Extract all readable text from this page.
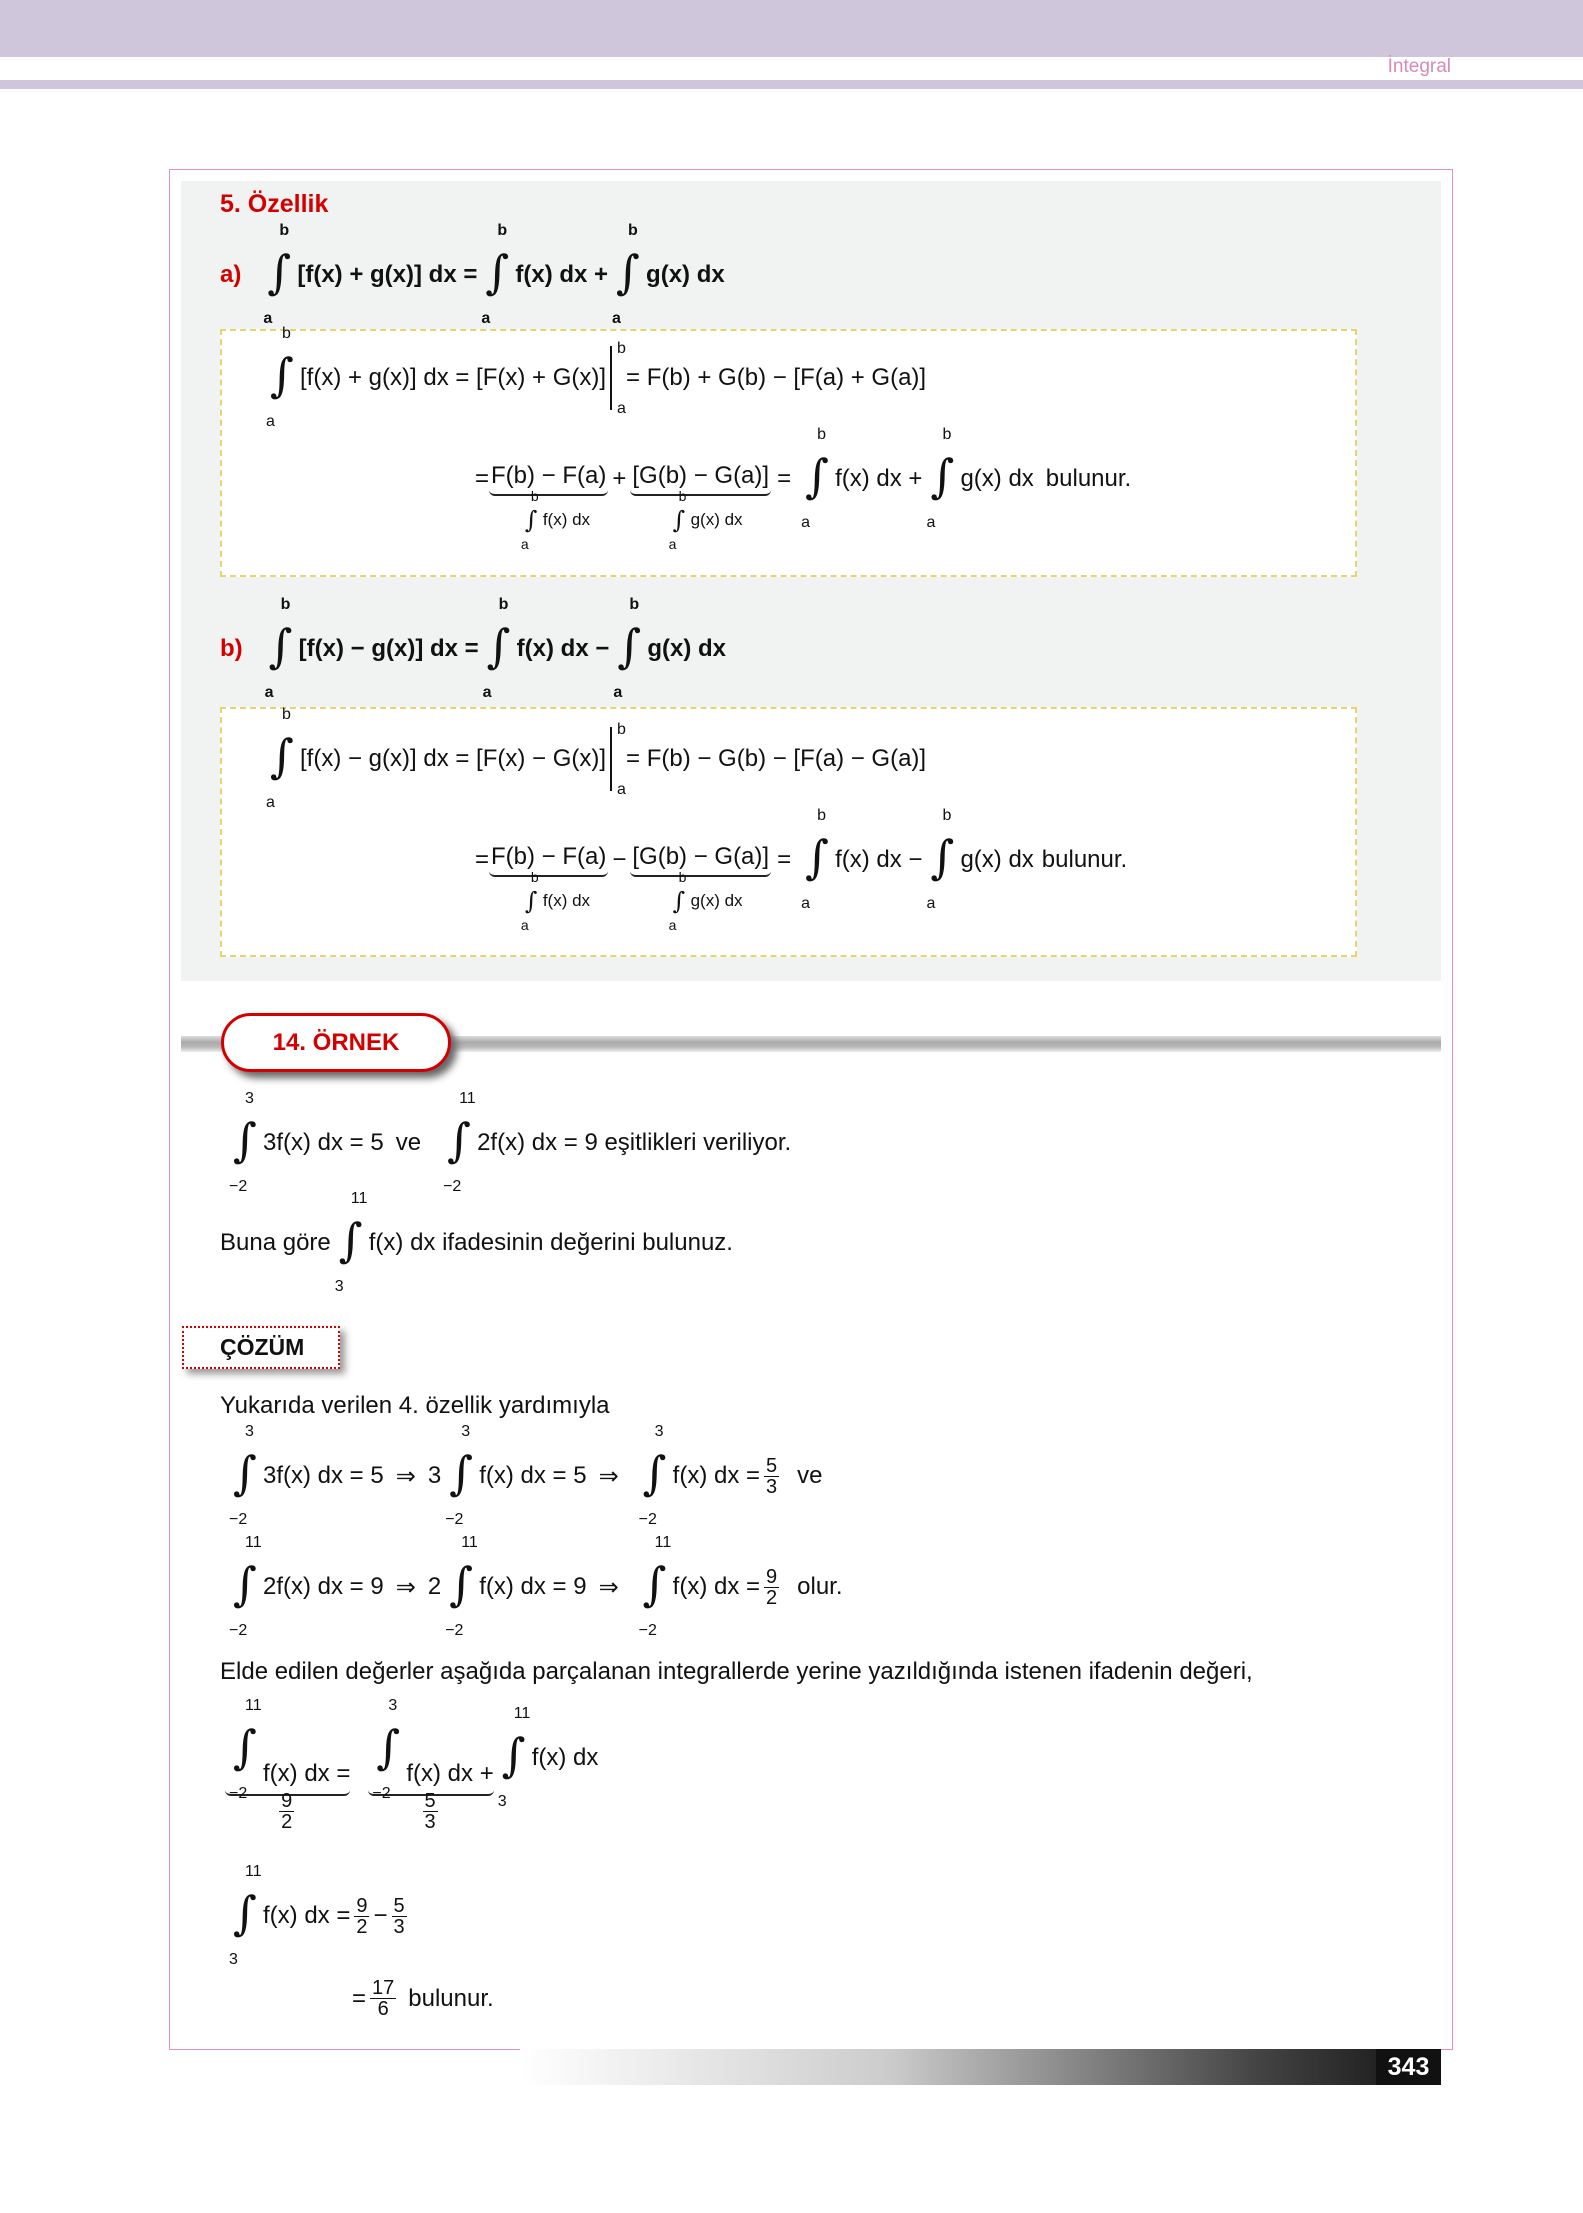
İntegral
5. Özellik
a) ∫
b
a
[f(x) + g(x)] dx = ∫
b
a
f(x) dx + ∫
b
a
g(x) dx
∫
b
a
[f(x) + g(x)] dx = [F(x) + G(x)]
b
a
= F(b) + G(b) − [F(a) + G(a)]
= F(b) − F(a)
∫
b
a
f(x) dx
+ [G(b) − G(a)]
∫
b
a
g(x) dx
= ∫
b
a
f(x) dx + ∫
b
a
g(x) dx bulunur.
b) ∫
b
a
[f(x) − g(x)] dx = ∫
b
a
f(x) dx − ∫
b
a
g(x) dx
∫
b
a
[f(x) − g(x)] dx = [F(x) − G(x)]
b
a
= F(b) − G(b) − [F(a) − G(a)]
= F(b) − F(a)
∫
b
a
f(x) dx
− [G(b) − G(a)]
∫
b
a
g(x) dx
= ∫
b
a
f(x) dx − ∫
b
a
g(x) dx bulunur.
14. ÖRNEK
∫
3
−2
3f(x) dx = 5 ve ∫
11
−2
2f(x) dx = 9 eşitlikleri veriliyor.
Buna göre ∫
11
3
f(x) dx ifadesinin değerini bulunuz.
ÇÖZÜM
Yukarıda verilen 4. özellik yardımıyla
∫
3
−2
3f(x) dx = 5 ⇒ 3 ∫
3
−2
f(x) dx = 5 ⇒ ∫
3
−2
f(x) dx = $\frac{5}{3}$ ve
∫
11
−2
2f(x) dx = 9 ⇒ 2 ∫
11
−2
f(x) dx = 9 ⇒ ∫
11
−2
f(x) dx = $\frac{9}{2}$ olur.
Elde edilen değerler aşağıda parçalanan integrallerde yerine yazıldığında istenen ifadenin değeri,
∫
11
−2
f(x) dx =
$\frac{9}{2}$
∫
3
−2
f(x) dx +
$\frac{5}{3}$
∫
11
3
f(x) dx
∫
11
3
f(x) dx = $\frac{9}{2} - \frac{5}{3}$
= $\frac{17}{6}$ bulunur.
343
